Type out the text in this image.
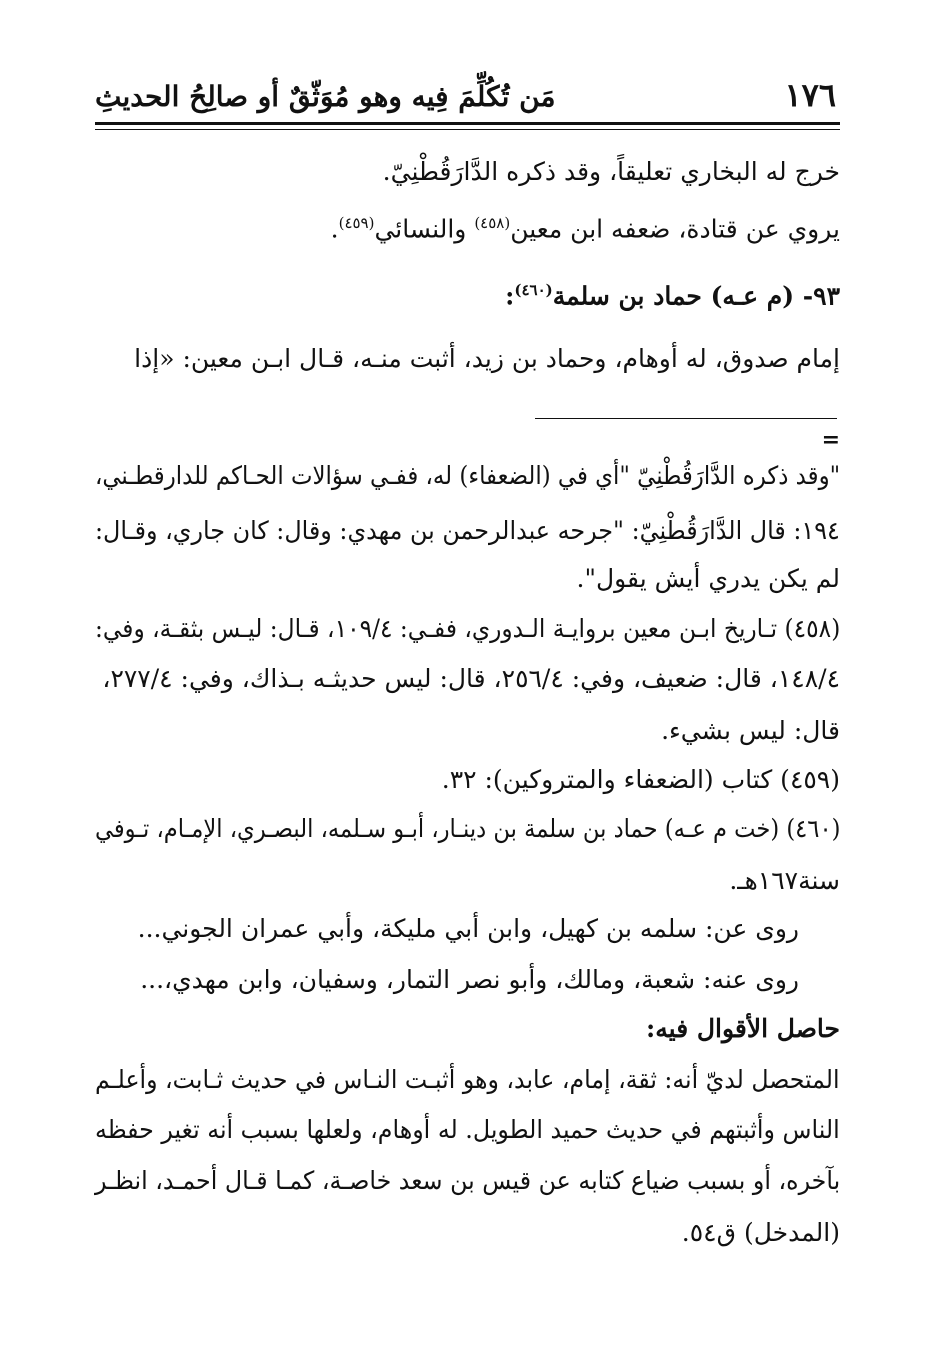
١٧٦
مَن تُكُلِّمَ فِيه وهو مُوَثّقٌ أو صالِحُ الحديثِ
خرج له البخاري تعليقاً، وقد ذكره الدَّارَقُطْنِيّ.
يروي عن قتادة، ضعفه ابن معين$^{(٤٥٨)}$ والنسائي$^{(٤٥٩)}$.
٩٣- (م عـه) حماد بن سلمة$^{(٤٦٠)}$:
إمام صدوق، له أوهام، وحماد بن زيد، أثبت منـه، قـال ابـن معين: «إذا
=
"وقد ذكره الدَّارَقُطْنِيّ "أي في (الضعفاء) له، ففـي سؤالات الحـاكم للدارقطـني،
١٩٤: قال الدَّارَقُطْنِيّ: "جرحه عبدالرحمن بن مهدي: وقال: كان جاري، وقـال:
لم يكن يدري أيش يقول".
(٤٥٨) تـاريخ ابـن معين بروايـة الـدوري، ففـي: ١٠٩/٤، قـال: ليـس بثقـة، وفي:
١٤٨/٤، قال: ضعيف، وفي: ٢٥٦/٤، قال: ليس حديثـه بـذاك، وفي: ٢٧٧/٤،
قال: ليس بشيء.
(٤٥٩) كتاب (الضعفاء والمتروكين): ٣٢.
(٤٦٠) (خت م عـه) حماد بن سلمة بن دينـار، أبـو سـلمه، البصـري، الإمـام، تـوفي
سنة١٦٧هـ.
روى عن: سلمه بن كهيل، وابن أبي مليكة، وأبي عمران الجوني...
روى عنه: شعبة، ومالك، وأبو نصر التمار، وسفيان، وابن مهدي،...
حاصل الأقوال فيه:
المتحصل لديّ أنه: ثقة، إمام، عابد، وهو أثبـت النـاس في حديث ثـابت، وأعلـم
الناس وأثبتهم في حديث حميد الطويل. له أوهام، ولعلها بسبب أنه تغير حفظه
بآخره، أو بسبب ضياع كتابه عن قيس بن سعد خاصـة، كمـا قـال أحمـد، انظـر
(المدخل) ق٥٤.
